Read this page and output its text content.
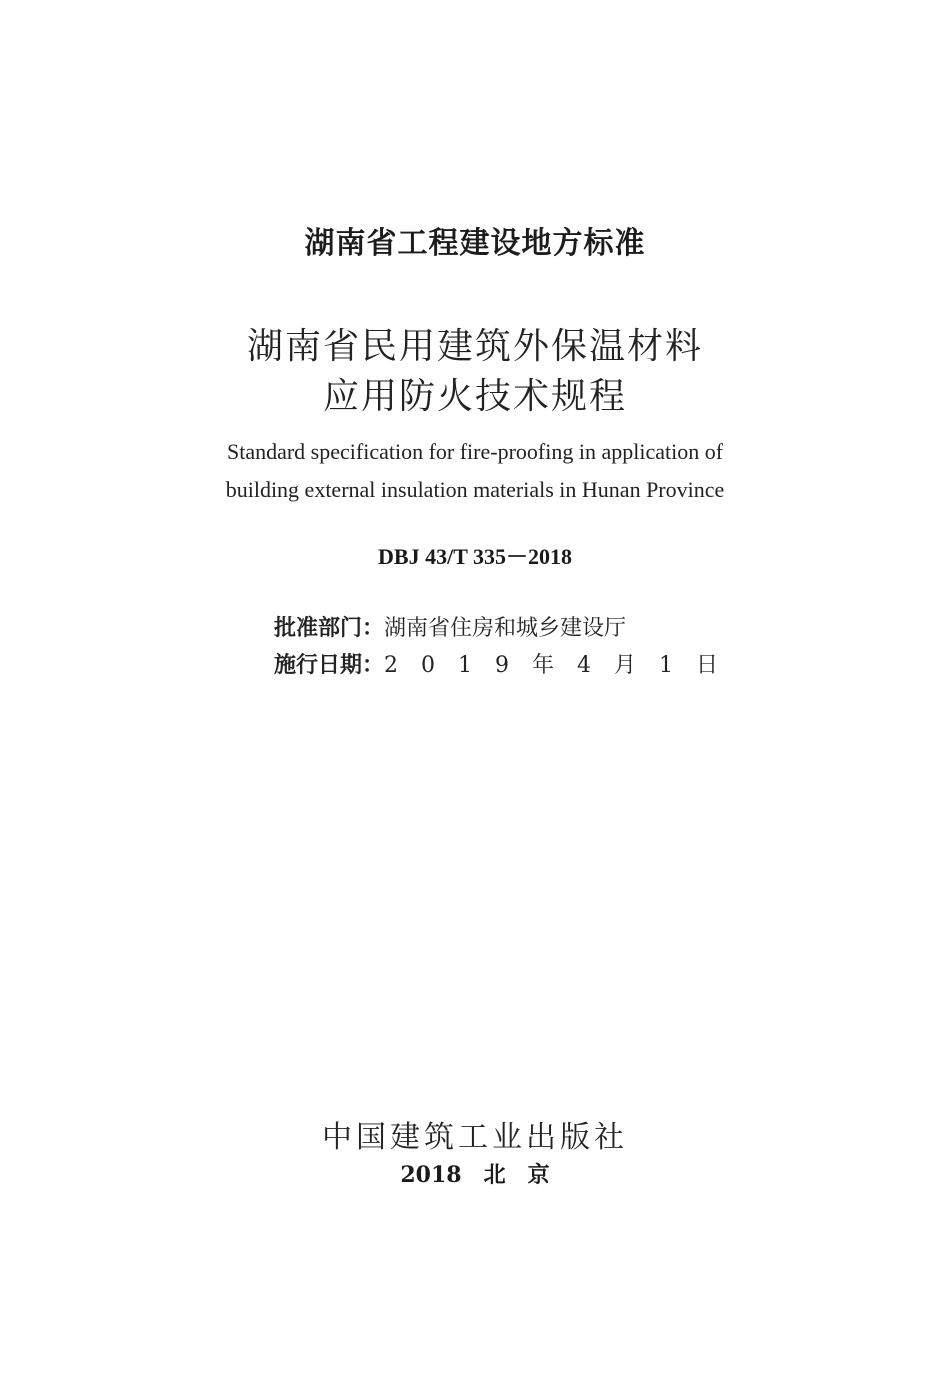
湖南省工程建设地方标准
湖南省民用建筑外保温材料
应用防火技术规程
Standard specification for fire-proofing in application of
building external insulation materials in Hunan Province
DBJ 43/T 335－2018
批准部门：湖南省住房和城乡建设厅
施行日期：2 0 1 9 年 4 月 1 日
中国建筑工业出版社
2018　北　京
